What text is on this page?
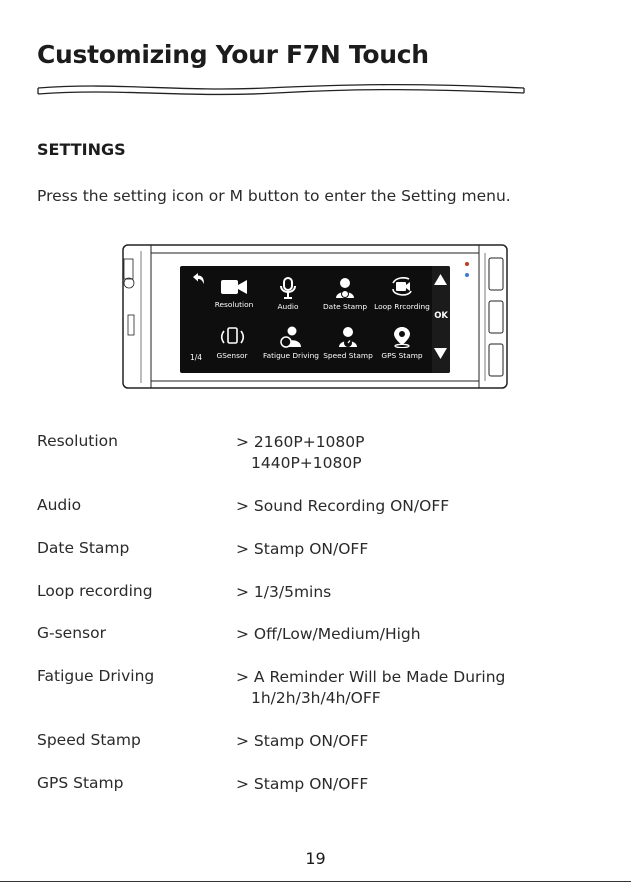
Customizing Your F7N Touch
SETTINGS

Press the setting icon or M button to enter the Setting menu.

Resolution	Audio	Date Stamp Loop Rrcording
GSensor	Fatigue Driving Speed Stamp	GPS Stamp
1/4
OK
Resolution	> 2160P+1080P
1440P+1080P
Audio	> Sound Recording ON/OFF
Date Stamp	> Stamp ON/OFF
Loop recording	> 1/3/5mins
G-sensor	> Off/Low/Medium/High
Fatigue Driving	> A Reminder Will be Made During
1h/2h/3h/4h/OFF
Speed Stamp	> Stamp ON/OFF
GPS Stamp	> Stamp ON/OFF
19
